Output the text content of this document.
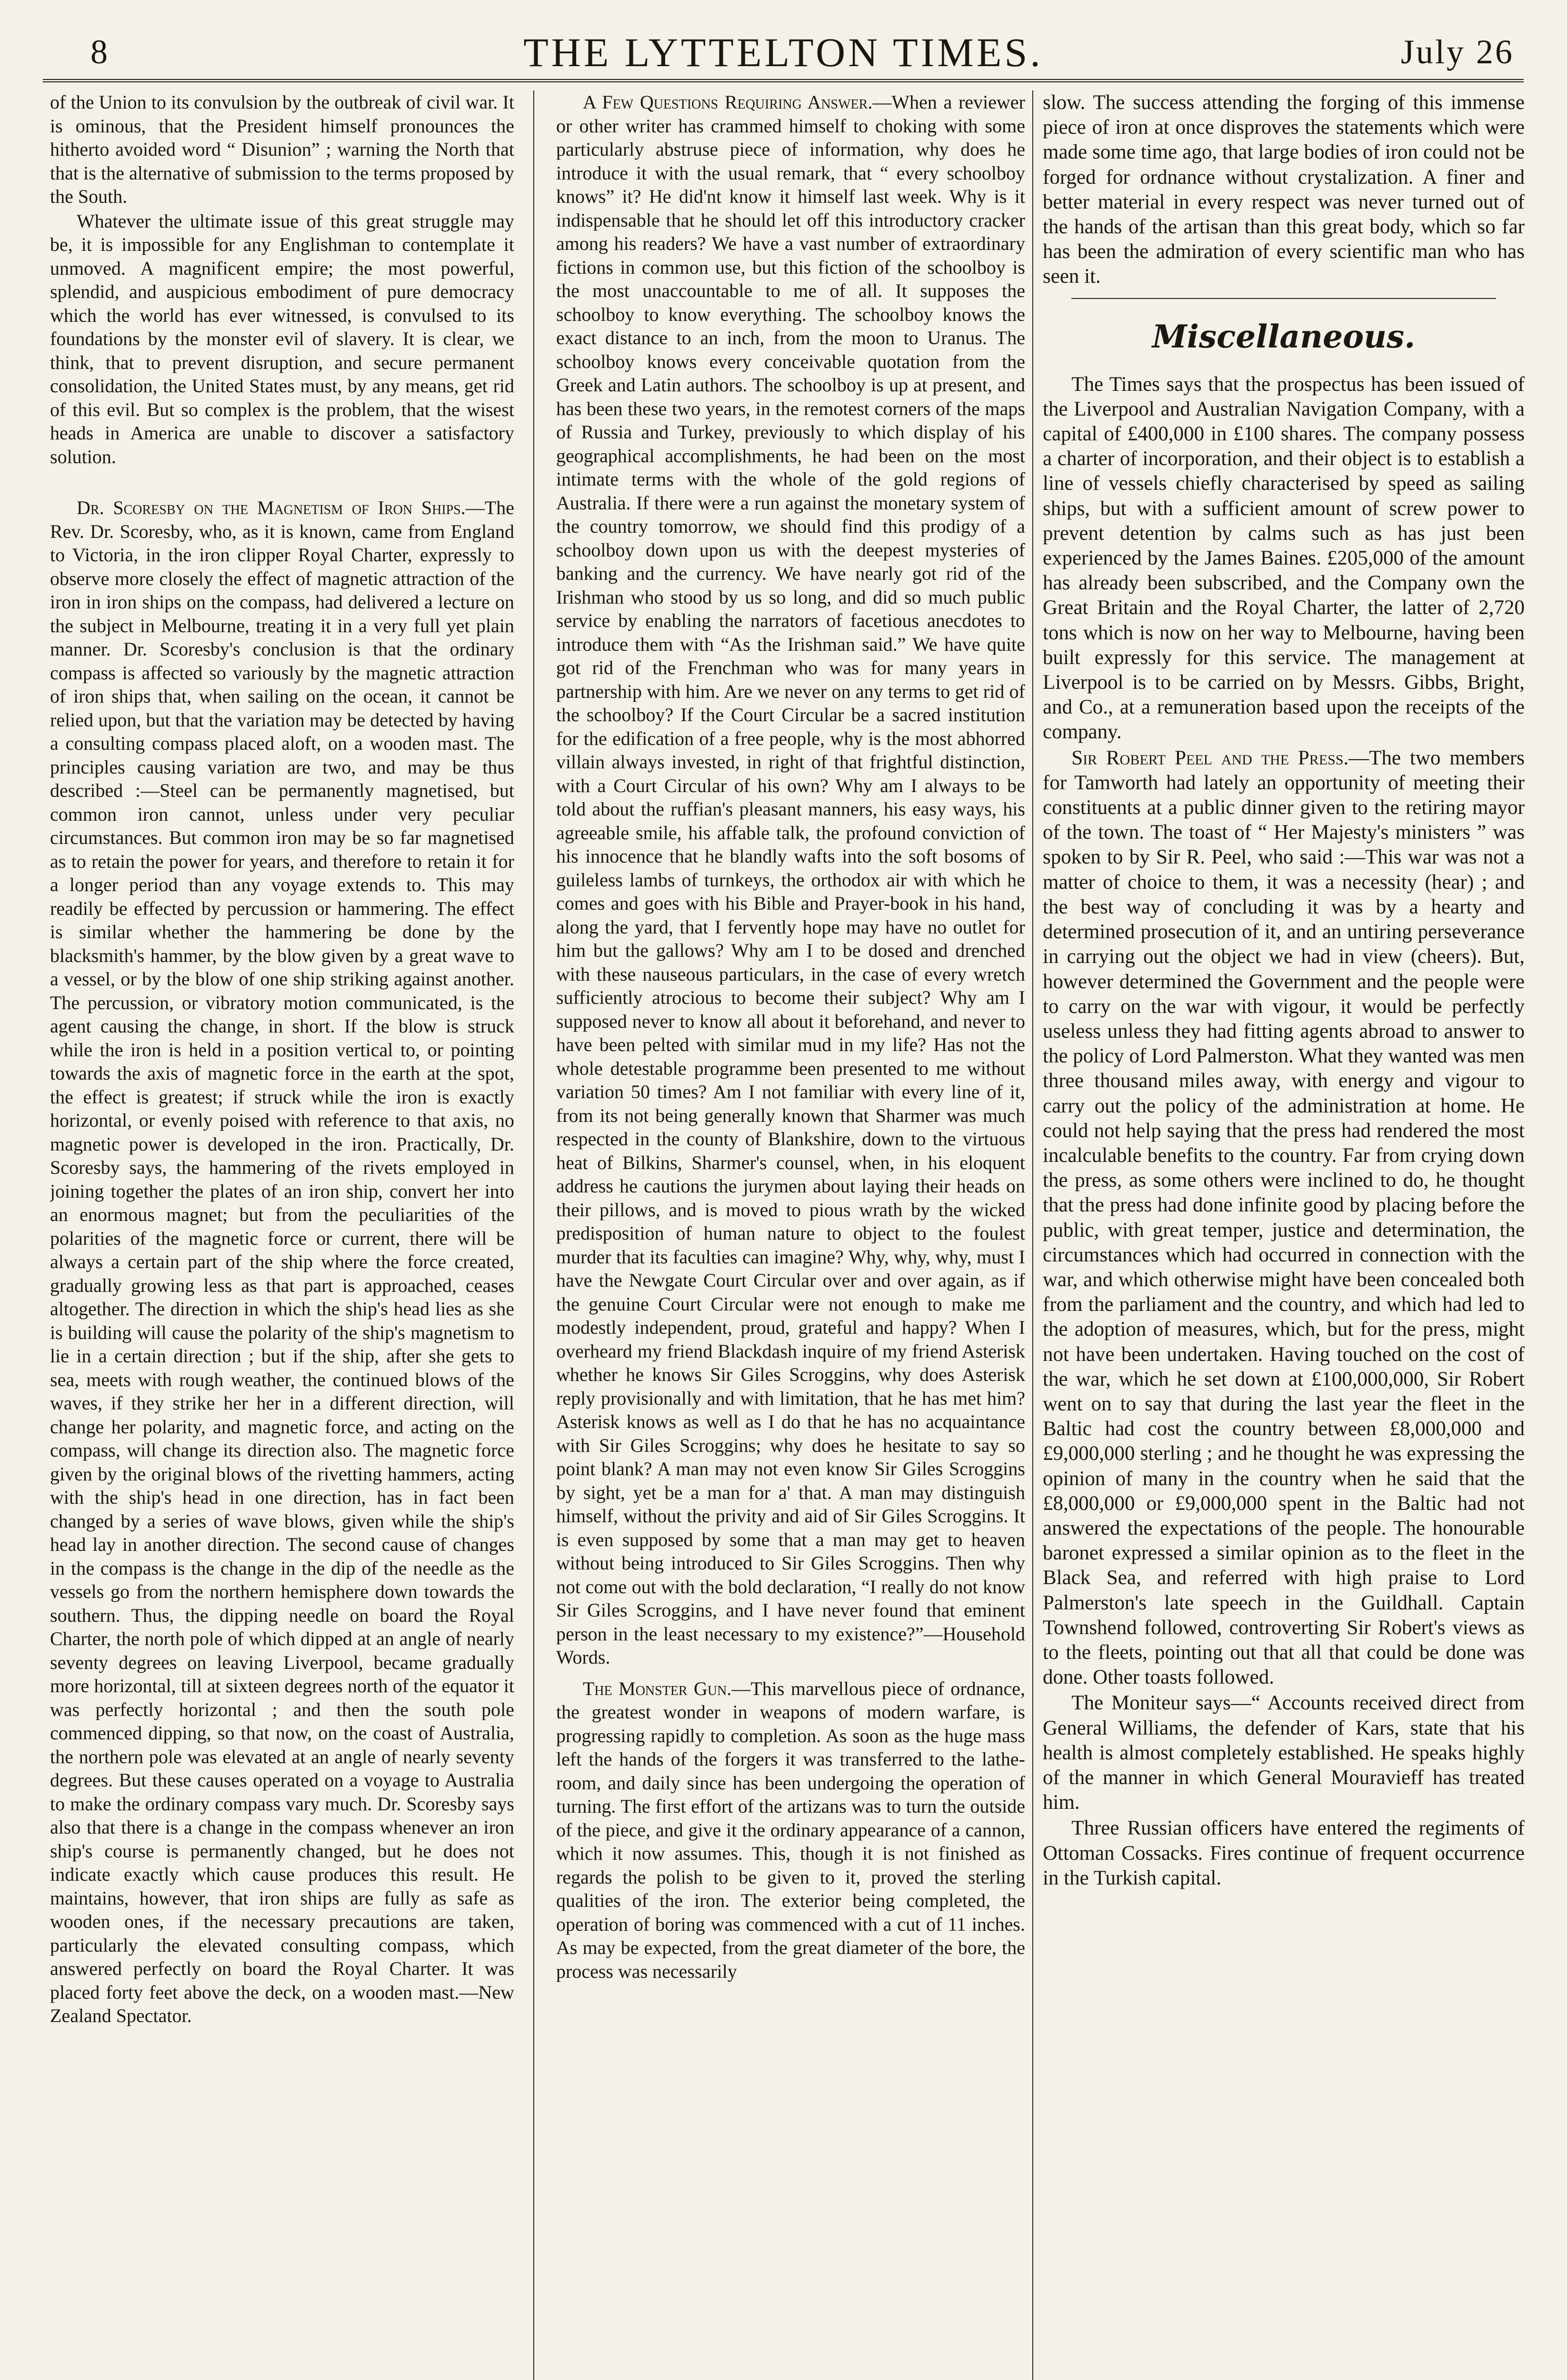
8	THE LYTTELTON TIMES.	July 26

of the Union to its convulsion by the outbreak of civil war. It is ominous, that the President himself pronounces the hitherto avoided word “ Disunion” ; warning the North that that is the alternative of submission to the terms proposed by the South.

Whatever the ultimate issue of this great struggle may be, it is impossible for any Englishman to contemplate it unmoved. A magnificent empire; the most powerful, splendid, and auspicious embodiment of pure democracy which the world has ever witnessed, is convulsed to its foundations by the monster evil of slavery. It is clear, we think, that to prevent disruption, and secure permanent consolidation, the United States must, by any means, get rid of this evil. But so complex is the problem, that the wisest heads in America are unable to discover a satisfactory solution.

Dr. Scoresby on the Magnetism of Iron Ships.—The Rev. Dr. Scoresby, who, as it is known, came from England to Victoria, in the iron clipper Royal Charter, expressly to observe more closely the effect of magnetic attraction of the iron in iron ships on the compass, had delivered a lecture on the subject in Melbourne, treating it in a very full yet plain manner. Dr. Scoresby's conclusion is that the ordinary compass is affected so variously by the magnetic attraction of iron ships that, when sailing on the ocean, it cannot be relied upon, but that the variation may be detected by having a consulting compass placed aloft, on a wooden mast. The principles causing variation are two, and may be thus described :—Steel can be permanently magnetised, but common iron cannot, unless under very peculiar circumstances. But common iron may be so far magnetised as to retain the power for years, and therefore to retain it for a longer period than any voyage extends to. This may readily be effected by percussion or hammering. The effect is similar whether the hammering be done by the blacksmith's hammer, by the blow given by a great wave to a vessel, or by the blow of one ship striking against another. The percussion, or vibratory motion communicated, is the agent causing the change, in short. If the blow is struck while the iron is held in a position vertical to, or pointing towards the axis of magnetic force in the earth at the spot, the effect is greatest; if struck while the iron is exactly horizontal, or evenly poised with reference to that axis, no magnetic power is developed in the iron. Practically, Dr. Scoresby says, the hammering of the rivets employed in joining together the plates of an iron ship, convert her into an enormous magnet; but from the peculiarities of the polarities of the magnetic force or current, there will be always a certain part of the ship where the force created, gradually growing less as that part is approached, ceases altogether. The direction in which the ship's head lies as she is building will cause the polarity of the ship's magnetism to lie in a certain direction ; but if the ship, after she gets to sea, meets with rough weather, the continued blows of the waves, if they strike her her in a different direction, will change her polarity, and magnetic force, and acting on the compass, will change its direction also. The magnetic force given by the original blows of the rivetting hammers, acting with the ship's head in one direction, has in fact been changed by a series of wave blows, given while the ship's head lay in another direction. The second cause of changes in the compass is the change in the dip of the needle as the vessels go from the northern hemisphere down towards the southern. Thus, the dipping needle on board the Royal Charter, the north pole of which dipped at an angle of nearly seventy degrees on leaving Liverpool, became gradually more horizontal, till at sixteen degrees north of the equator it was perfectly horizontal ; and then the south pole commenced dipping, so that now, on the coast of Australia, the northern pole was elevated at an angle of nearly seventy degrees. But these causes operated on a voyage to Australia to make the ordinary compass vary much. Dr. Scoresby says also that there is a change in the compass whenever an iron ship's course is permanently changed, but he does not indicate exactly which cause produces this result. He maintains, however, that iron ships are fully as safe as wooden ones, if the necessary precautions are taken, particularly the elevated consulting compass, which answered perfectly on board the Royal Charter. It was placed forty feet above the deck, on a wooden mast.—New Zealand Spectator.

A Few Questions Requiring Answer.—When a reviewer or other writer has crammed himself to choking with some particularly abstruse piece of information, why does he introduce it with the usual remark, that “ every schoolboy knows” it? He did'nt know it himself last week. Why is it indispensable that he should let off this introductory cracker among his readers? We have a vast number of extraordinary fictions in common use, but this fiction of the schoolboy is the most unaccountable to me of all. It supposes the schoolboy to know everything. The schoolboy knows the exact distance to an inch, from the moon to Uranus. The schoolboy knows every conceivable quotation from the Greek and Latin authors. The schoolboy is up at present, and has been these two years, in the remotest corners of the maps of Russia and Turkey, previously to which display of his geographical accomplishments, he had been on the most intimate terms with the whole of the gold regions of Australia. If there were a run against the monetary system of the country tomorrow, we should find this prodigy of a schoolboy down upon us with the deepest mysteries of banking and the currency. We have nearly got rid of the Irishman who stood by us so long, and did so much public service by enabling the narrators of facetious anecdotes to introduce them with “As the Irishman said.” We have quite got rid of the Frenchman who was for many years in partnership with him. Are we never on any terms to get rid of the schoolboy? If the Court Circular be a sacred institution for the edification of a free people, why is the most abhorred villain always invested, in right of that frightful distinction, with a Court Circular of his own? Why am I always to be told about the ruffian's pleasant manners, his easy ways, his agreeable smile, his affable talk, the profound conviction of his innocence that he blandly wafts into the soft bosoms of guileless lambs of turnkeys, the orthodox air with which he comes and goes with his Bible and Prayer-book in his hand, along the yard, that I fervently hope may have no outlet for him but the gallows? Why am I to be dosed and drenched with these nauseous particulars, in the case of every wretch sufficiently atrocious to become their subject? Why am I supposed never to know all about it beforehand, and never to have been pelted with similar mud in my life? Has not the whole detestable programme been presented to me without variation 50 times? Am I not familiar with every line of it, from its not being generally known that Sharmer was much respected in the county of Blankshire, down to the virtuous heat of Bilkins, Sharmer's counsel, when, in his eloquent address he cautions the jurymen about laying their heads on their pillows, and is moved to pious wrath by the wicked predisposition of human nature to object to the foulest murder that its faculties can imagine? Why, why, why, must I have the Newgate Court Circular over and over again, as if the genuine Court Circular were not enough to make me modestly independent, proud, grateful and happy? When I overheard my friend Blackdash inquire of my friend Asterisk whether he knows Sir Giles Scroggins, why does Asterisk reply provisionally and with limitation, that he has met him? Asterisk knows as well as I do that he has no acquaintance with Sir Giles Scroggins; why does he hesitate to say so point blank? A man may not even know Sir Giles Scroggins by sight, yet be a man for a' that. A man may distinguish himself, without the privity and aid of Sir Giles Scroggins. It is even supposed by some that a man may get to heaven without being introduced to Sir Giles Scroggins. Then why not come out with the bold declaration, “I really do not know Sir Giles Scroggins, and I have never found that eminent person in the least necessary to my existence?”—Household Words.

The Monster Gun.—This marvellous piece of ordnance, the greatest wonder in weapons of modern warfare, is progressing rapidly to completion. As soon as the huge mass left the hands of the forgers it was transferred to the lathe-room, and daily since has been undergoing the operation of turning. The first effort of the artizans was to turn the outside of the piece, and give it the ordinary appearance of a cannon, which it now assumes. This, though it is not finished as regards the polish to be given to it, proved the sterling qualities of the iron. The exterior being completed, the operation of boring was commenced with a cut of 11 inches. As may be expected, from the great diameter of the bore, the process was necessarily

slow. The success attending the forging of this immense piece of iron at once disproves the statements which were made some time ago, that large bodies of iron could not be forged for ordnance without crystalization. A finer and better material in every respect was never turned out of the hands of the artisan than this great body, which so far has been the admiration of every scientific man who has seen it.

Miscellaneous.

The Times says that the prospectus has been issued of the Liverpool and Australian Navigation Company, with a capital of £400,000 in £100 shares. The company possess a charter of incorporation, and their object is to establish a line of vessels chiefly characterised by speed as sailing ships, but with a sufficient amount of screw power to prevent detention by calms such as has just been experienced by the James Baines. £205,000 of the amount has already been subscribed, and the Company own the Great Britain and the Royal Charter, the latter of 2,720 tons which is now on her way to Melbourne, having been built expressly for this service. The management at Liverpool is to be carried on by Messrs. Gibbs, Bright, and Co., at a remuneration based upon the receipts of the company.

Sir Robert Peel and the Press.—The two members for Tamworth had lately an opportunity of meeting their constituents at a public dinner given to the retiring mayor of the town. The toast of “ Her Majesty's ministers ” was spoken to by Sir R. Peel, who said :—This war was not a matter of choice to them, it was a necessity (hear) ; and the best way of concluding it was by a hearty and determined prosecution of it, and an untiring perseverance in carrying out the object we had in view (cheers). But, however determined the Government and the people were to carry on the war with vigour, it would be perfectly useless unless they had fitting agents abroad to answer to the policy of Lord Palmerston. What they wanted was men three thousand miles away, with energy and vigour to carry out the policy of the administration at home. He could not help saying that the press had rendered the most incalculable benefits to the country. Far from crying down the press, as some others were inclined to do, he thought that the press had done infinite good by placing before the public, with great temper, justice and determination, the circumstances which had occurred in connection with the war, and which otherwise might have been concealed both from the parliament and the country, and which had led to the adoption of measures, which, but for the press, might not have been undertaken. Having touched on the cost of the war, which he set down at £100,000,000, Sir Robert went on to say that during the last year the fleet in the Baltic had cost the country between £8,000,000 and £9,000,000 sterling ; and he thought he was expressing the opinion of many in the country when he said that the £8,000,000 or £9,000,000 spent in the Baltic had not answered the expectations of the people. The honourable baronet expressed a similar opinion as to the fleet in the Black Sea, and referred with high praise to Lord Palmerston's late speech in the Guildhall. Captain Townshend followed, controverting Sir Robert's views as to the fleets, pointing out that all that could be done was done. Other toasts followed.

The Moniteur says—“ Accounts received direct from General Williams, the defender of Kars, state that his health is almost completely established. He speaks highly of the manner in which General Mouravieff has treated him.

Three Russian officers have entered the regiments of Ottoman Cossacks. Fires continue of frequent occurrence in the Turkish capital.
